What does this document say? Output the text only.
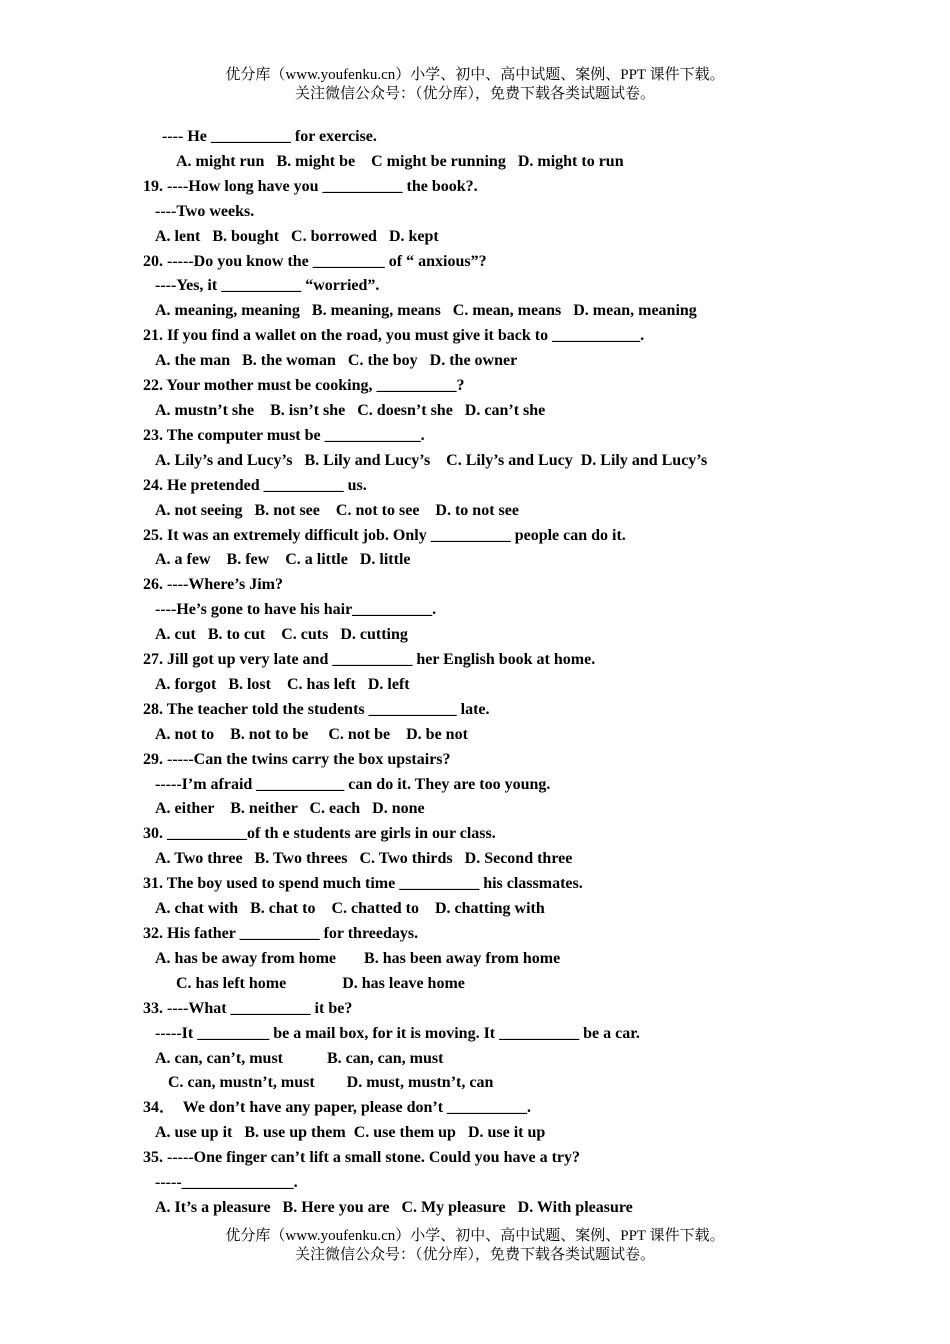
优分库（www.youfenku.cn）小学、初中、高中试题、案例、PPT 课件下载。
关注微信公众号：（优分库），免费下载各类试题试卷。
---- He __________ for exercise.
A. might run   B. might be    C might be running   D. might to run
19. ----How long have you __________ the book?.
----Two weeks.
A. lent   B. bought   C. borrowed   D. kept
20. -----Do you know the _________ of “ anxious”?
----Yes, it __________ “worried”.
A. meaning, meaning   B. meaning, means   C. mean, means   D. mean, meaning
21. If you find a wallet on the road, you must give it back to ___________.
A. the man   B. the woman   C. the boy   D. the owner
22. Your mother must be cooking, __________?
A. mustn’t she    B. isn’t she   C. doesn’t she   D. can’t she
23. The computer must be ____________.
A. Lily’s and Lucy’s   B. Lily and Lucy’s    C. Lily’s and Lucy  D. Lily and Lucy’s
24. He pretended __________ us.
A. not seeing   B. not see    C. not to see    D. to not see
25. It was an extremely difficult job. Only __________ people can do it.
A. a few    B. few    C. a little   D. little
26. ----Where’s Jim?
----He’s gone to have his hair__________.
A. cut   B. to cut    C. cuts   D. cutting
27. Jill got up very late and __________ her English book at home.
A. forgot   B. lost    C. has left   D. left
28. The teacher told the students ___________ late.
A. not to    B. not to be     C. not be    D. be not
29. -----Can the twins carry the box upstairs?
-----I’m afraid ___________ can do it. They are too young.
A. either    B. neither   C. each   D. none
30. __________of th e students are girls in our class.
A. Two three   B. Two threes   C. Two thirds   D. Second three
31. The boy used to spend much time __________ his classmates.
A. chat with   B. chat to    C. chatted to    D. chatting with
32. His father __________ for threedays.
A. has be away from home       B. has been away from home
C. has left home              D. has leave home
33. ----What __________ it be?
-----It _________ be a mail box, for it is moving. It __________ be a car.
A. can, can’t, must           B. can, can, must
C. can, mustn’t, must        D. must, mustn’t, can
34．  We don’t have any paper, please don’t __________.
A. use up it   B. use up them  C. use them up   D. use it up
35. -----One finger can’t lift a small stone. Could you have a try?
-----______________.
A. It’s a pleasure   B. Here you are   C. My pleasure   D. With pleasure
优分库（www.youfenku.cn）小学、初中、高中试题、案例、PPT 课件下载。
关注微信公众号：（优分库），免费下载各类试题试卷。
